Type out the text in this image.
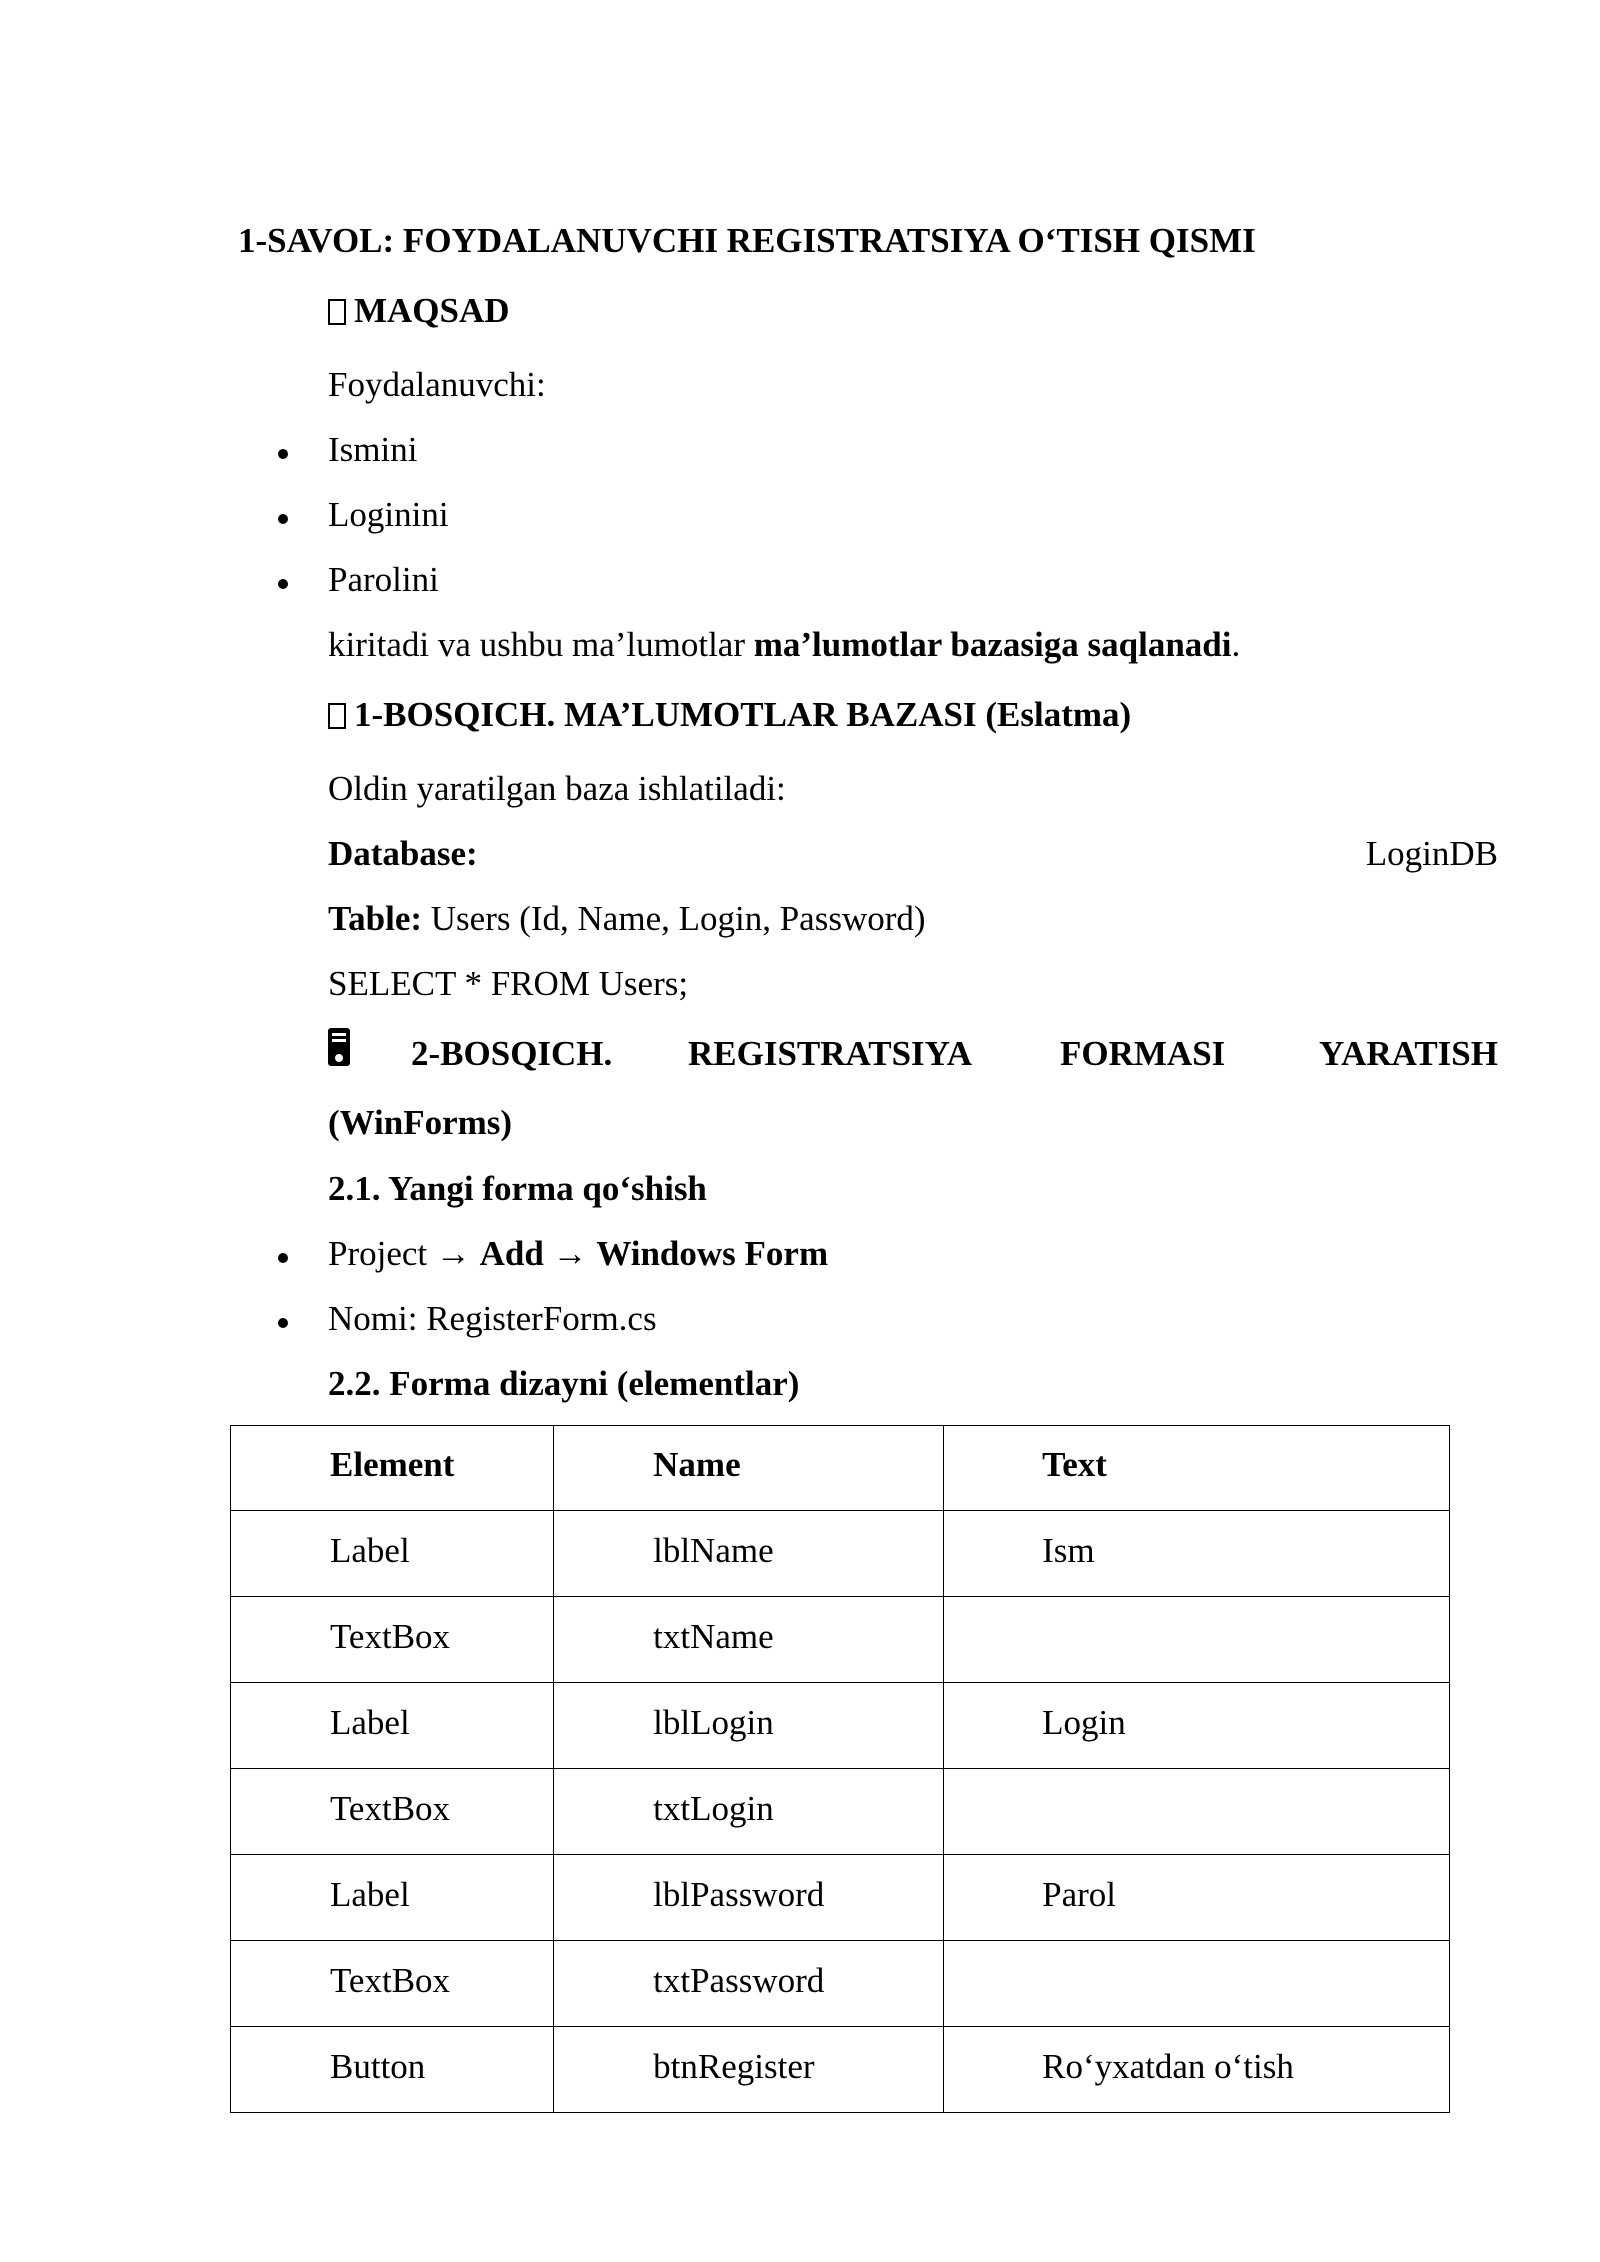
1-SAVOL: FOYDALANUVCHI REGISTRATSIYA O‘TISH QISMI
MAQSAD
Foydalanuvchi:
Ismini
Loginini
Parolini
kiritadi va ushbu ma’lumotlar ma’lumotlar bazasiga saqlanadi.
1-BOSQICH. MA’LUMOTLAR BAZASI (Eslatma)
Oldin yaratilgan baza ishlatiladi:
Database:	LoginDB
Table: Users (Id, Name, Login, Password)
SELECT * FROM Users;
2-BOSQICH. REGISTRATSIYA	FORMASI	YARATISH
(WinForms)
2.1. Yangi forma qo‘shish
Project → Add → Windows Form
Nomi: RegisterForm.cs
2.2. Forma dizayni (elementlar)
Element	Name	Text

Label	lblName	Ism

TextBox	txtName	

Label	lblLogin	Login

TextBox	txtLogin	

Label	lblPassword	Parol

TextBox	txtPassword	

Button	btnRegister	Ro‘yxatdan o‘tish
